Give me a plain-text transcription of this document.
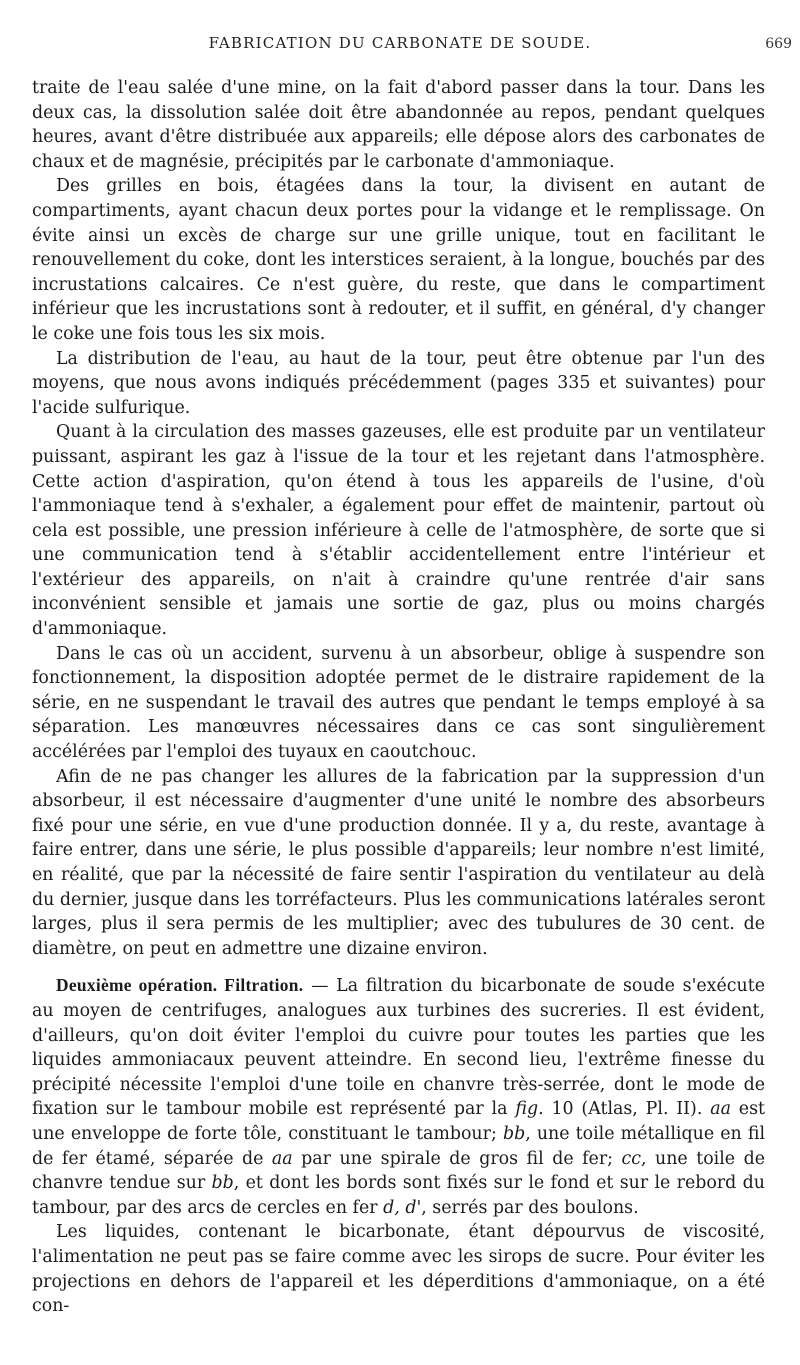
FABRICATION DU CARBONATE DE SOUDE.	669

traite de l'eau salée d'une mine, on la fait d'abord passer dans la tour. Dans les deux cas, la dissolution salée doit être abandonnée au repos, pendant quelques heures, avant d'être distribuée aux appareils; elle dépose alors des carbonates de chaux et de magnésie, précipités par le carbonate d'ammoniaque.

Des grilles en bois, étagées dans la tour, la divisent en autant de compartiments, ayant chacun deux portes pour la vidange et le remplissage. On évite ainsi un excès de charge sur une grille unique, tout en facilitant le renouvellement du coke, dont les interstices seraient, à la longue, bouchés par des incrustations calcaires. Ce n'est guère, du reste, que dans le compartiment inférieur que les incrustations sont à redouter, et il suffit, en général, d'y changer le coke une fois tous les six mois.

La distribution de l'eau, au haut de la tour, peut être obtenue par l'un des moyens, que nous avons indiqués précédemment (pages 335 et suivantes) pour l'acide sulfurique.

Quant à la circulation des masses gazeuses, elle est produite par un ventilateur puissant, aspirant les gaz à l'issue de la tour et les rejetant dans l'atmosphère. Cette action d'aspiration, qu'on étend à tous les appareils de l'usine, d'où l'ammoniaque tend à s'exhaler, a également pour effet de maintenir, partout où cela est possible, une pression inférieure à celle de l'atmosphère, de sorte que si une communication tend à s'établir accidentellement entre l'intérieur et l'extérieur des appareils, on n'ait à craindre qu'une rentrée d'air sans inconvénient sensible et jamais une sortie de gaz, plus ou moins chargés d'ammoniaque.

Dans le cas où un accident, survenu à un absorbeur, oblige à suspendre son fonctionnement, la disposition adoptée permet de le distraire rapidement de la série, en ne suspendant le travail des autres que pendant le temps employé à sa séparation. Les manœuvres nécessaires dans ce cas sont singulièrement accélérées par l'emploi des tuyaux en caoutchouc.

Afin de ne pas changer les allures de la fabrication par la suppression d'un absorbeur, il est nécessaire d'augmenter d'une unité le nombre des absorbeurs fixé pour une série, en vue d'une production donnée. Il y a, du reste, avantage à faire entrer, dans une série, le plus possible d'appareils; leur nombre n'est limité, en réalité, que par la nécessité de faire sentir l'aspiration du ventilateur au delà du dernier, jusque dans les torréfacteurs. Plus les communications latérales seront larges, plus il sera permis de les multiplier; avec des tubulures de 30 cent. de diamètre, on peut en admettre une dizaine environ.

Deuxième opération. Filtration. — La filtration du bicarbonate de soude s'exécute au moyen de centrifuges, analogues aux turbines des sucreries. Il est évident, d'ailleurs, qu'on doit éviter l'emploi du cuivre pour toutes les parties que les liquides ammoniacaux peuvent atteindre. En second lieu, l'extrême finesse du précipité nécessite l'emploi d'une toile en chanvre très-serrée, dont le mode de fixation sur le tambour mobile est représenté par la fig. 10 (Atlas, Pl. II). aa est une enveloppe de forte tôle, constituant le tambour; bb, une toile métallique en fil de fer étamé, séparée de aa par une spirale de gros fil de fer; cc, une toile de chanvre tendue sur bb, et dont les bords sont fixés sur le fond et sur le rebord du tambour, par des arcs de cercles en fer d, d', serrés par des boulons.

Les liquides, contenant le bicarbonate, étant dépourvus de viscosité, l'alimentation ne peut pas se faire comme avec les sirops de sucre. Pour éviter les projections en dehors de l'appareil et les déperditions d'ammoniaque, on a été con-
